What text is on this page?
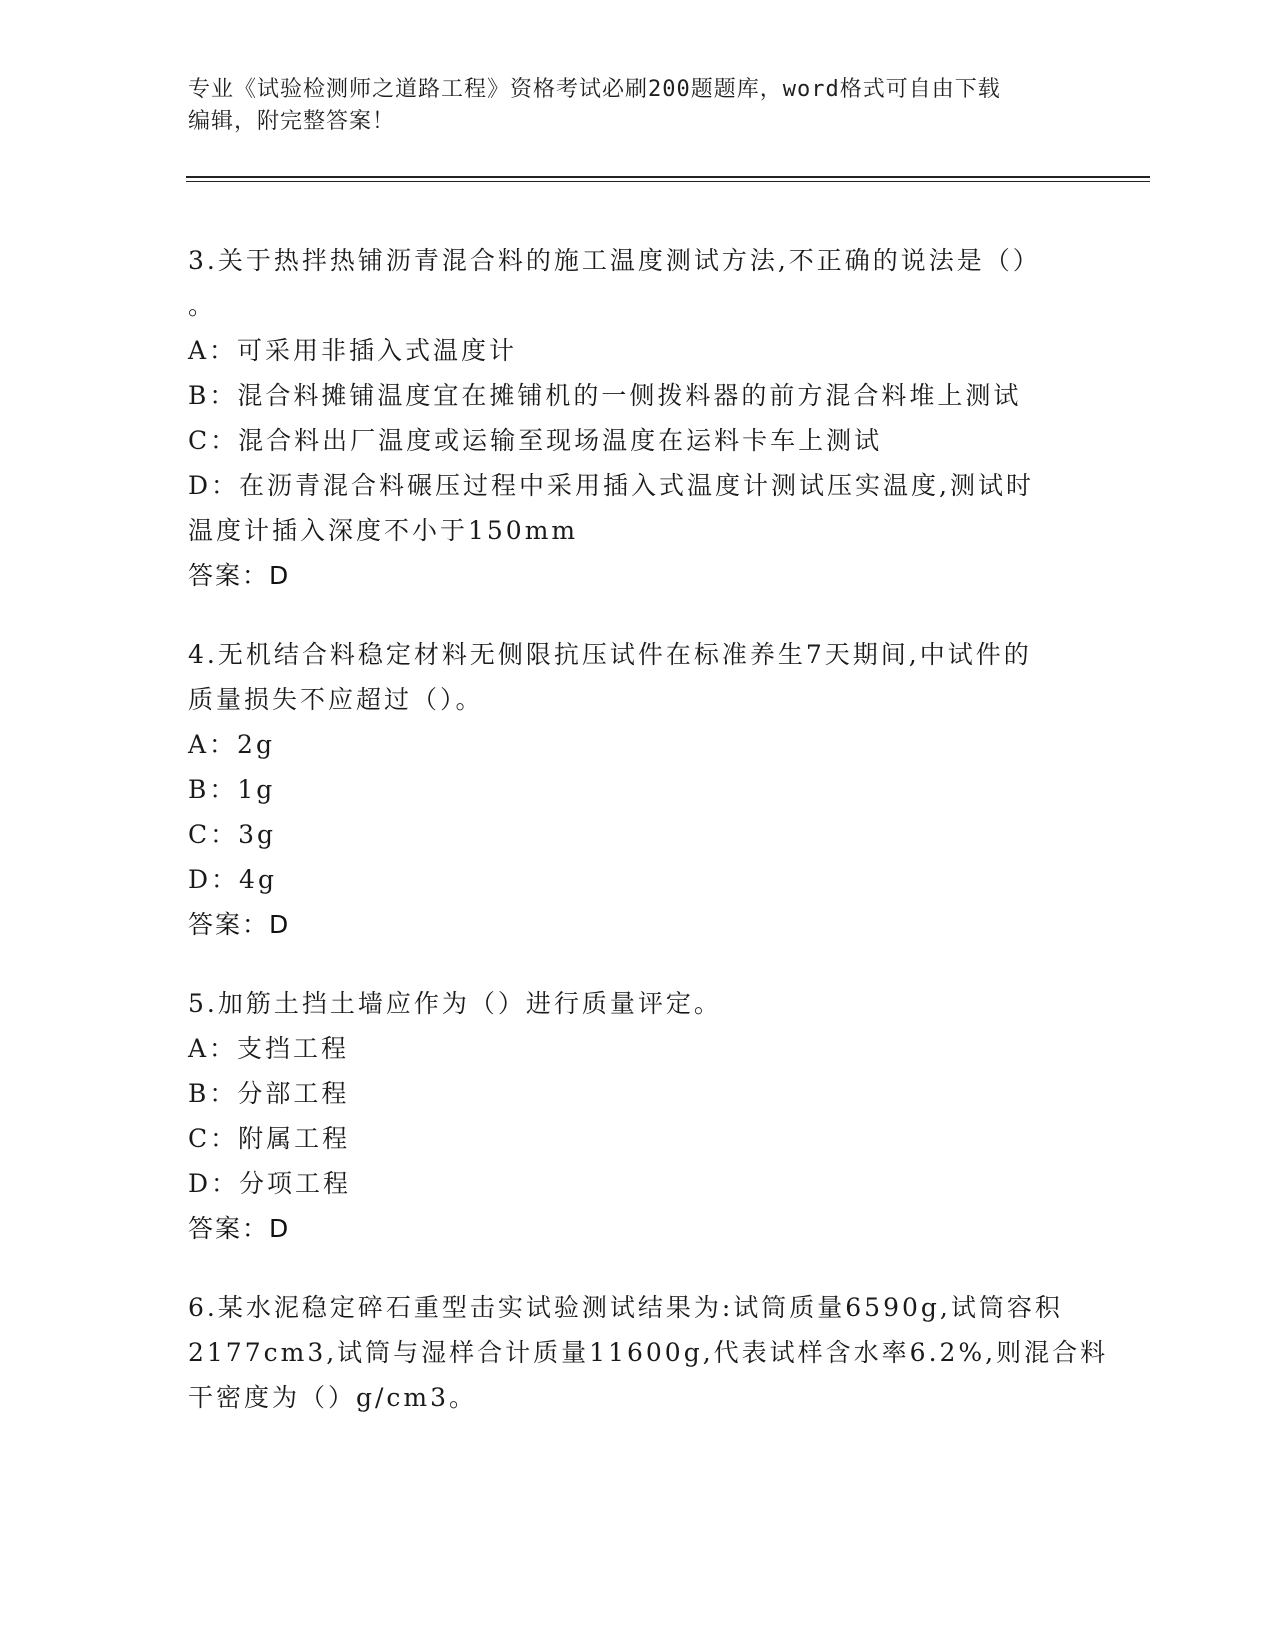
专业《试验检测师之道路工程》资格考试必刷200题题库，word格式可自由下载
编辑，附完整答案！
3.关于热拌热铺沥青混合料的施工温度测试方法,不正确的说法是（）
。
A：可采用非插入式温度计
B：混合料摊铺温度宜在摊铺机的一侧拨料器的前方混合料堆上测试
C：混合料出厂温度或运输至现场温度在运料卡车上测试
D：在沥青混合料碾压过程中采用插入式温度计测试压实温度,测试时
温度计插入深度不小于150mm
答案：D
4.无机结合料稳定材料无侧限抗压试件在标准养生7天期间,中试件的
质量损失不应超过（）。
A：2g
B：1g
C：3g
D：4g
答案：D
5.加筋土挡土墙应作为（）进行质量评定。
A：支挡工程
B：分部工程
C：附属工程
D：分项工程
答案：D
6.某水泥稳定碎石重型击实试验测试结果为:试筒质量6590g,试筒容积
2177cm3,试筒与湿样合计质量11600g,代表试样含水率6.2%,则混合料
干密度为（）g/cm3。
